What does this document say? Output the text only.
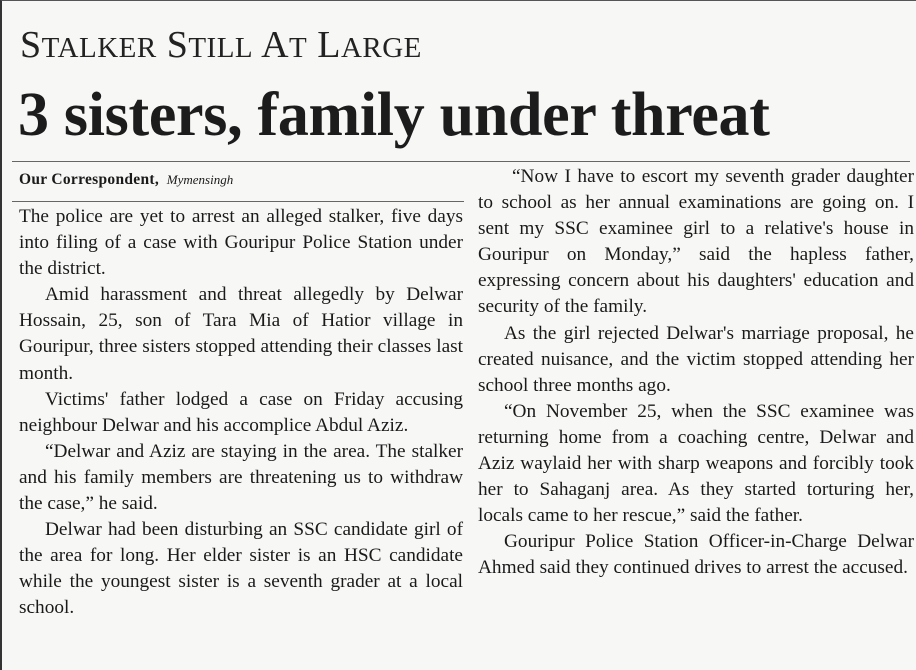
STALKER STILL AT LARGE
3 sisters, family under threat
Our Correspondent, Mymensingh

The police are yet to arrest an alleged stalker, five days into filing of a case with Gouripur Police Station under the district.

Amid harassment and threat allegedly by Delwar Hossain, 25, son of Tara Mia of Hatior village in Gouripur, three sisters stopped attending their classes last month.

Victims' father lodged a case on Friday accusing neighbour Delwar and his accomplice Abdul Aziz.

“Delwar and Aziz are staying in the area. The stalker and his family members are threatening us to withdraw the case,” he said.

Delwar had been disturbing an SSC candidate girl of the area for long. Her elder sister is an HSC candidate while the youngest sister is a seventh grader at a local school.

“Now I have to escort my seventh grader daughter to school as her annual examinations are going on. I sent my SSC examinee girl to a relative's house in Gouripur on Monday,” said the hapless father, expressing concern about his daughters' education and security of the family.

As the girl rejected Delwar's marriage proposal, he created nuisance, and the victim stopped attending her school three months ago.

“On November 25, when the SSC examinee was returning home from a coaching centre, Delwar and Aziz waylaid her with sharp weapons and forcibly took her to Sahaganj area. As they started torturing her, locals came to her rescue,” said the father.

Gouripur Police Station Officer-in-Charge Delwar Ahmed said they continued drives to arrest the accused.
